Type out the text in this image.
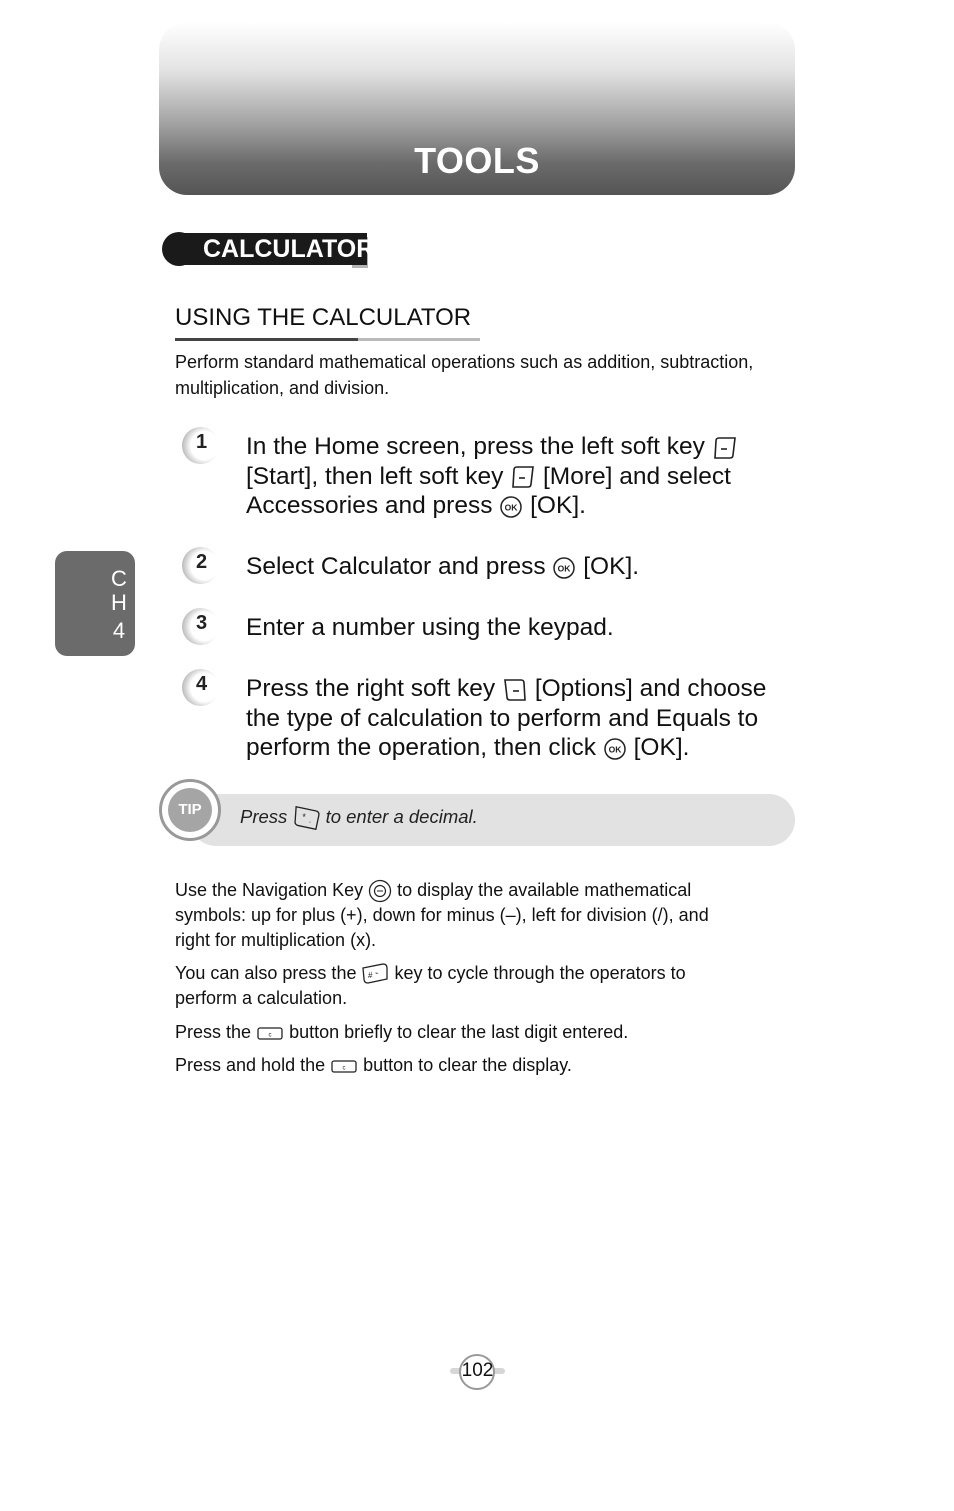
TOOLS
CALCULATOR
USING THE CALCULATOR
Perform standard mathematical operations such as addition, subtraction, multiplication, and division.
1 In the Home screen, press the left soft key
[Start], then left soft key [More] and select
Accessories and press OK [OK].
2 Select Calculator and press OK [OK].
3 Enter a number using the keypad.
4 Press the right soft key [Options] and choose
the type of calculation to perform and Equals to
perform the operation, then click OK [OK].
C
H
4
TIP	Press *
◦ to enter a decimal.
Use the Navigation Key to display the available mathematical
symbols: up for plus (+), down for minus (–), left for division (/), and
right for multiplication (x).
You can also press the # ⌁ key to cycle through the operators to
perform a calculation.
Press the	c button briefly to clear the last digit entered.
Press and hold the	c button to clear the display.
102
